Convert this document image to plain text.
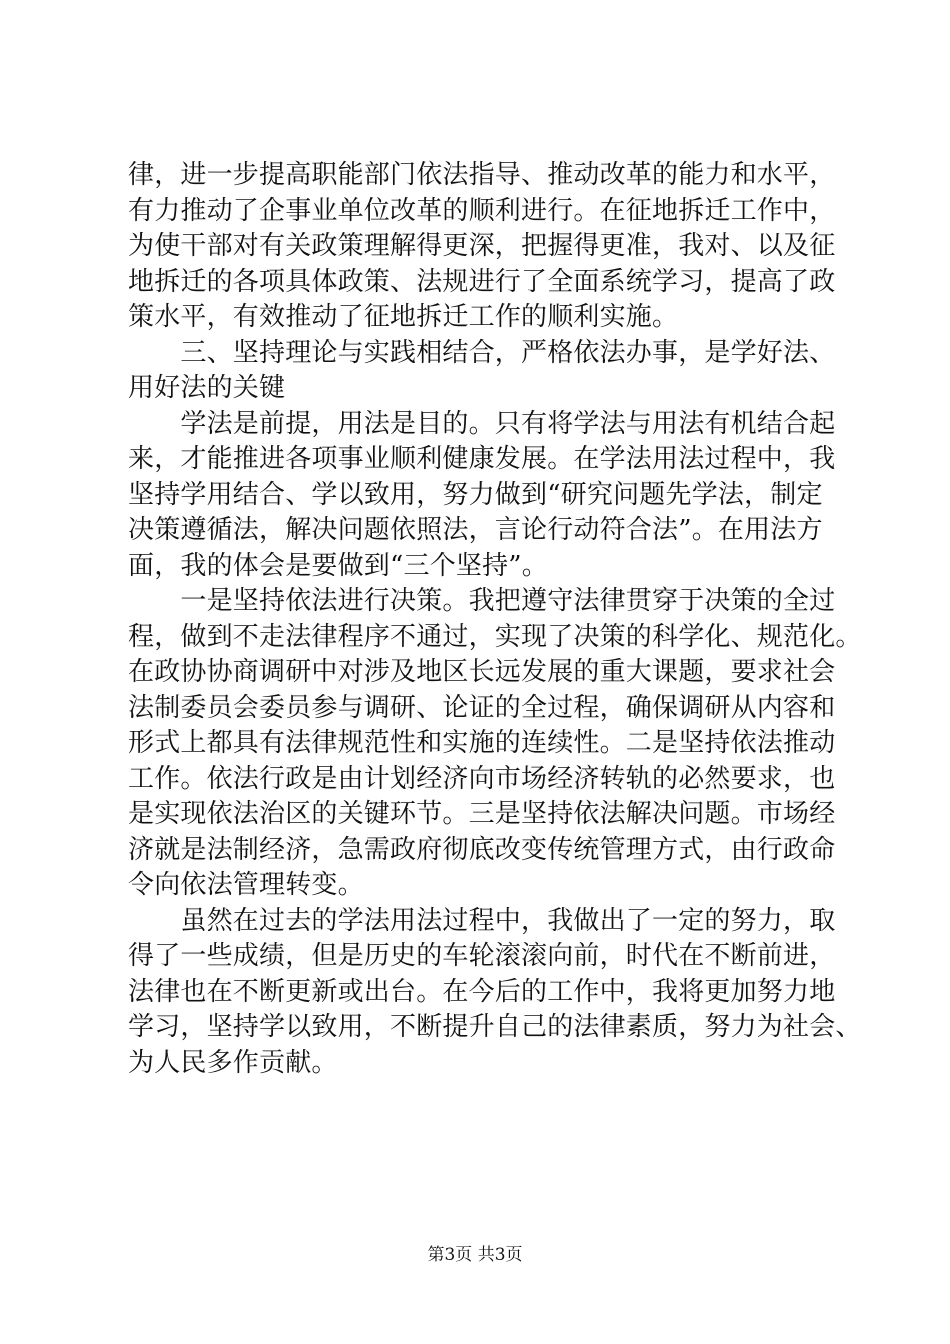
律，进一步提高职能部门依法指导、推动改革的能力和水平，
有力推动了企事业单位改革的顺利进行。在征地拆迁工作中，
为使干部对有关政策理解得更深，把握得更准，我对、以及征
地拆迁的各项具体政策、法规进行了全面系统学习，提高了政
策水平，有效推动了征地拆迁工作的顺利实施。
　　三、坚持理论与实践相结合，严格依法办事，是学好法、
用好法的关键
　　学法是前提，用法是目的。只有将学法与用法有机结合起
来，才能推进各项事业顺利健康发展。在学法用法过程中，我
坚持学用结合、学以致用，努力做到“研究问题先学法，制定
决策遵循法，解决问题依照法，言论行动符合法”。在用法方
面，我的体会是要做到“三个坚持”。
　　一是坚持依法进行决策。我把遵守法律贯穿于决策的全过
程，做到不走法律程序不通过，实现了决策的科学化、规范化。
在政协协商调研中对涉及地区长远发展的重大课题，要求社会
法制委员会委员参与调研、论证的全过程，确保调研从内容和
形式上都具有法律规范性和实施的连续性。二是坚持依法推动
工作。依法行政是由计划经济向市场经济转轨的必然要求，也
是实现依法治区的关键环节。三是坚持依法解决问题。市场经
济就是法制经济，急需政府彻底改变传统管理方式，由行政命
令向依法管理转变。
　　虽然在过去的学法用法过程中，我做出了一定的努力，取
得了一些成绩，但是历史的车轮滚滚向前，时代在不断前进，
法律也在不断更新或出台。在今后的工作中，我将更加努力地
学习，坚持学以致用，不断提升自己的法律素质，努力为社会、
为人民多作贡献。
第3页 共3页
